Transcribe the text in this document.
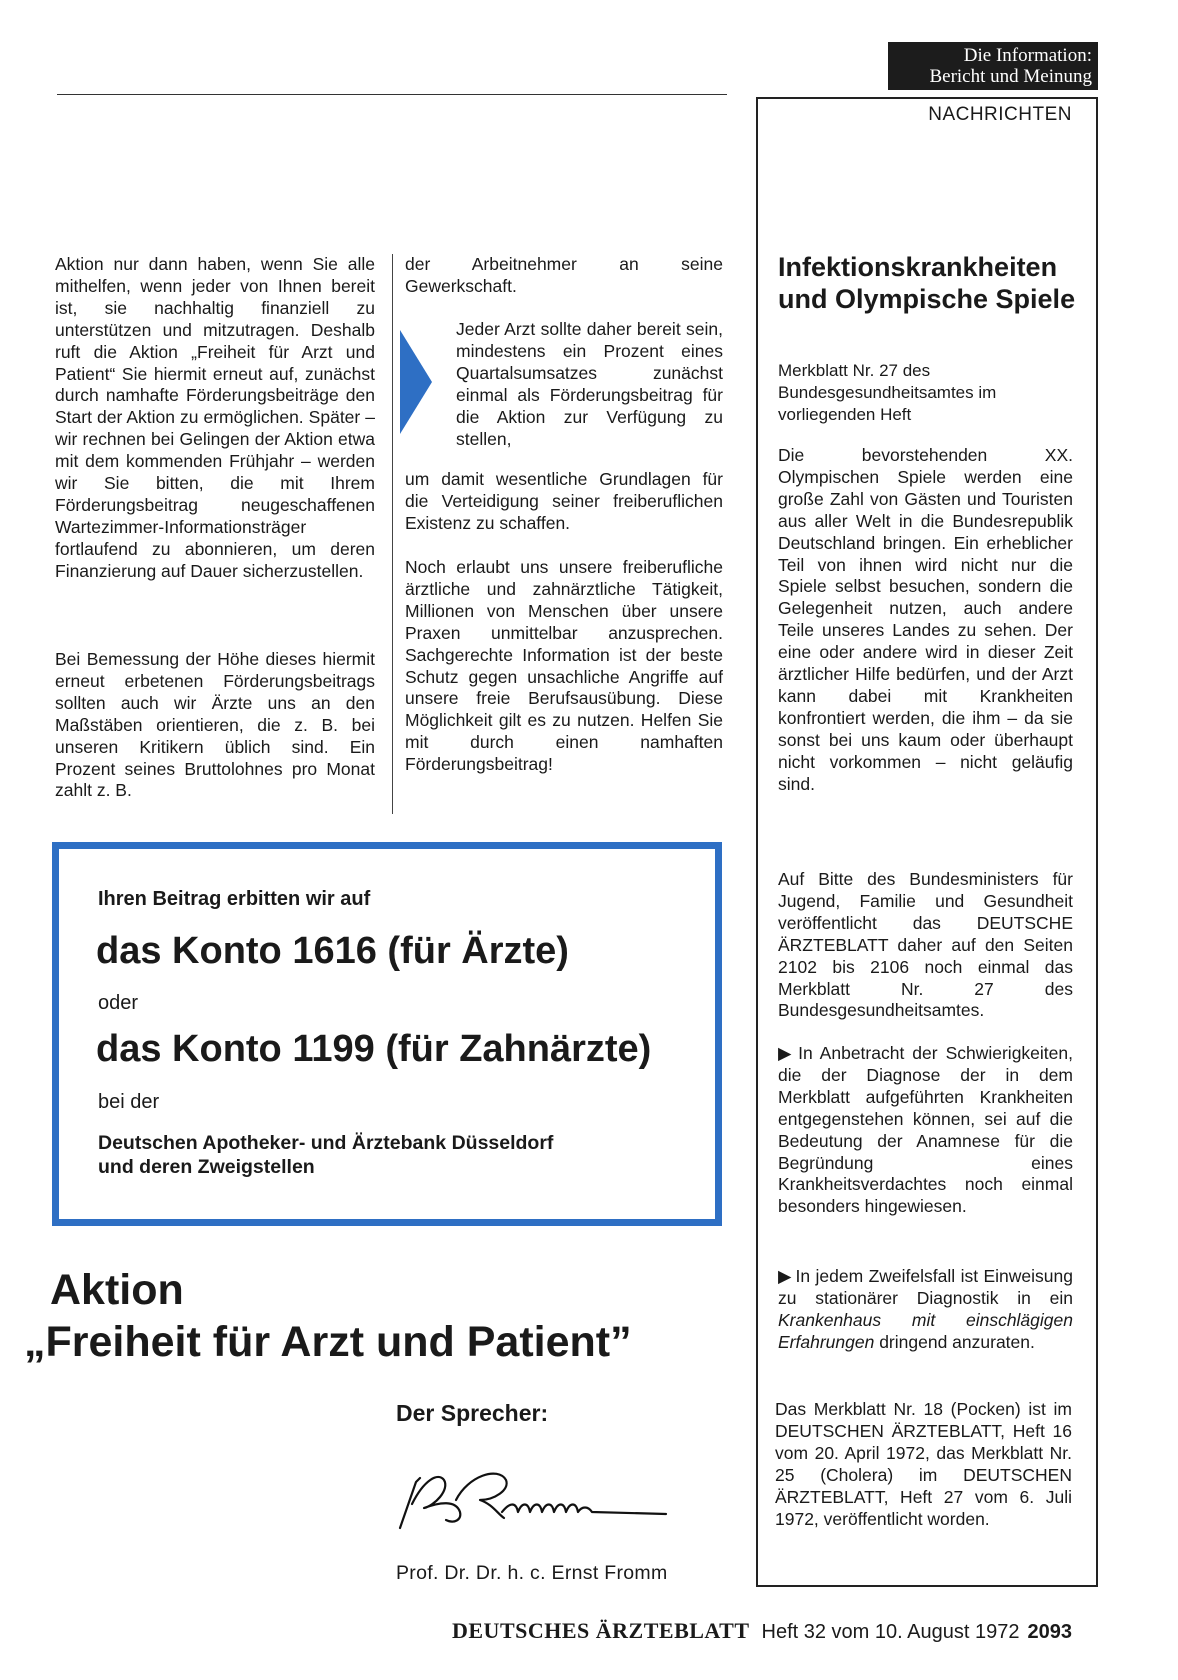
Die Information:
Bericht und Meinung
NACHRICHTEN
Infektionskrankheiten und Olympische Spiele
Merkblatt Nr. 27 des Bundesgesundheitsamtes im vorliegenden Heft
Die bevorstehenden XX. Olympischen Spiele werden eine große Zahl von Gästen und Touristen aus aller Welt in die Bundesrepublik Deutschland bringen. Ein erheblicher Teil von ihnen wird nicht nur die Spiele selbst besuchen, sondern die Gelegenheit nutzen, auch andere Teile unseres Landes zu sehen. Der eine oder andere wird in dieser Zeit ärztlicher Hilfe bedürfen, und der Arzt kann dabei mit Krankheiten konfrontiert werden, die ihm – da sie sonst bei uns kaum oder überhaupt nicht vorkommen – nicht geläufig sind.
Auf Bitte des Bundesministers für Jugend, Familie und Gesundheit veröffentlicht das DEUTSCHE ÄRZTEBLATT daher auf den Seiten 2102 bis 2106 noch einmal das Merkblatt Nr. 27 des Bundesgesundheitsamtes.
▶ In Anbetracht der Schwierigkeiten, die der Diagnose der in dem Merkblatt aufgeführten Krankheiten entgegenstehen können, sei auf die Bedeutung der Anamnese für die Begründung eines Krankheitsverdachtes noch einmal besonders hingewiesen.
▶ In jedem Zweifelsfall ist Einweisung zu stationärer Diagnostik in ein Krankenhaus mit einschlägigen Erfahrungen dringend anzuraten.
Das Merkblatt Nr. 18 (Pocken) ist im DEUTSCHEN ÄRZTEBLATT, Heft 16 vom 20. April 1972, das Merkblatt Nr. 25 (Cholera) im DEUTSCHEN ÄRZTEBLATT, Heft 27 vom 6. Juli 1972, veröffentlicht worden.
Aktion nur dann haben, wenn Sie alle mithelfen, wenn jeder von Ihnen bereit ist, sie nachhaltig finanziell zu unterstützen und mitzutragen. Deshalb ruft die Aktion „Freiheit für Arzt und Patient“ Sie hiermit erneut auf, zunächst durch namhafte Förderungsbeiträge den Start der Aktion zu ermöglichen. Später – wir rechnen bei Gelingen der Aktion etwa mit dem kommenden Frühjahr – werden wir Sie bitten, die mit Ihrem Förderungsbeitrag neugeschaffenen Wartezimmer-Informationsträger fortlaufend zu abonnieren, um deren Finanzierung auf Dauer sicherzustellen.
Bei Bemessung der Höhe dieses hiermit erneut erbetenen Förderungsbeitrags sollten auch wir Ärzte uns an den Maßstäben orientieren, die z. B. bei unseren Kritikern üblich sind. Ein Prozent seines Bruttolohnes pro Monat zahlt z. B.
der Arbeitnehmer an seine Gewerkschaft.
Jeder Arzt sollte daher bereit sein, mindestens ein Prozent eines Quartalsumsatzes zunächst einmal als Förderungsbeitrag für die Aktion zur Verfügung zu stellen,
um damit wesentliche Grundlagen für die Verteidigung seiner freiberuflichen Existenz zu schaffen.
Noch erlaubt uns unsere freiberufliche ärztliche und zahnärztliche Tätigkeit, Millionen von Menschen über unsere Praxen unmittelbar anzusprechen. Sachgerechte Information ist der beste Schutz gegen unsachliche Angriffe auf unsere freie Berufsausübung. Diese Möglichkeit gilt es zu nutzen. Helfen Sie mit durch einen namhaften Förderungsbeitrag!
Ihren Beitrag erbitten wir auf
das Konto 1616 (für Ärzte)
oder
das Konto 1199 (für Zahnärzte)
bei der
Deutschen Apotheker- und Ärztebank Düsseldorf
und deren Zweigstellen
Aktion
„Freiheit für Arzt und Patient”
Der Sprecher:
Prof. Dr. Dr. h. c. Ernst Fromm
DEUTSCHES ÄRZTEBLATT Heft 32 vom 10. August 1972 2093
